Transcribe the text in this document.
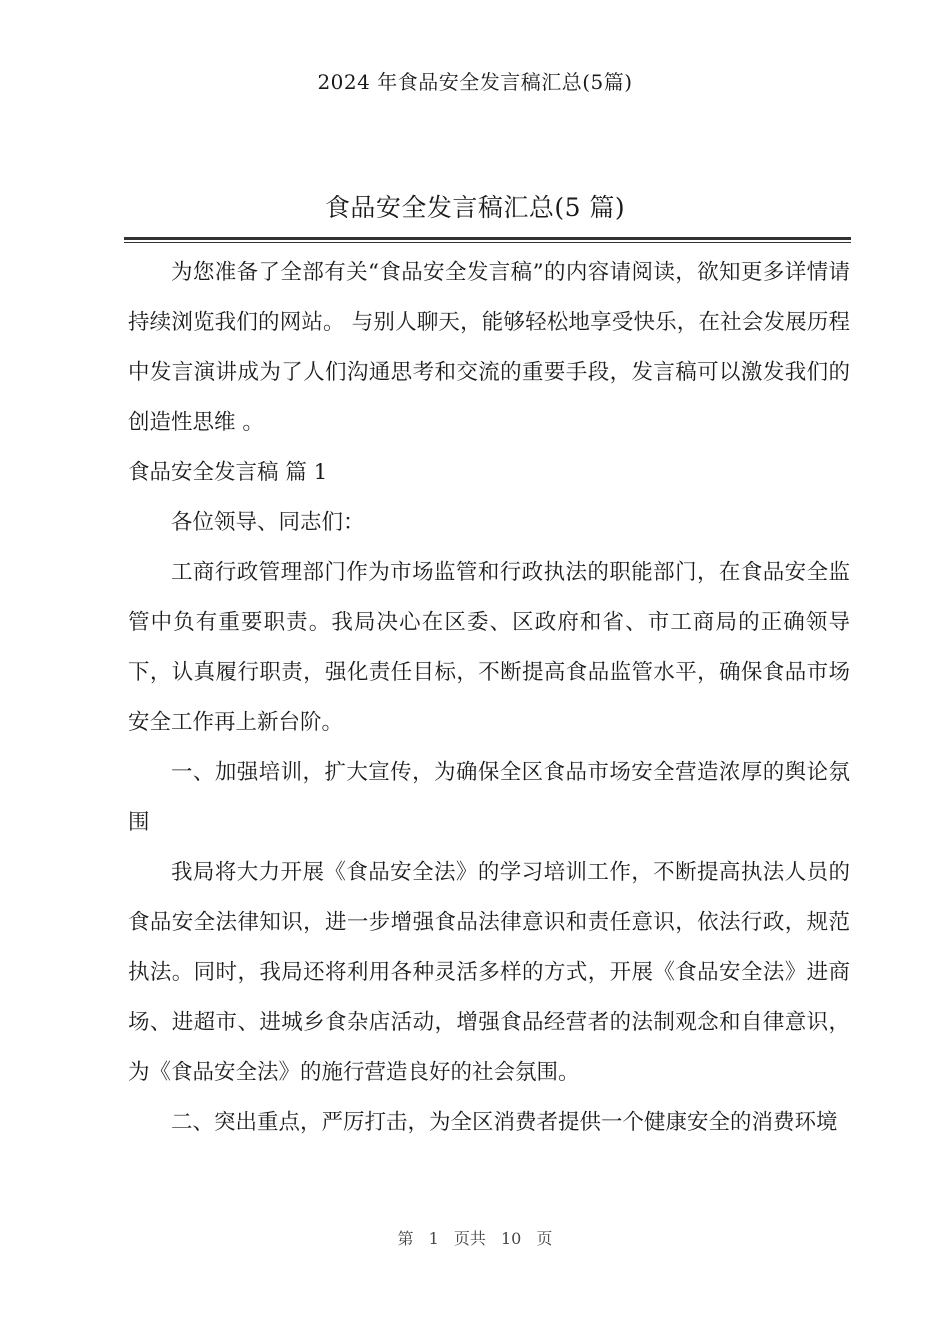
2024 年食品安全发言稿汇总(5篇)
食品安全发言稿汇总(5 篇)

为您准备了全部有关“食品安全发言稿”的内容请阅读，欲知更多详情请持续浏览我们的网站。 与别人聊天，能够轻松地享受快乐，在社会发展历程中发言演讲成为了人们沟通思考和交流的重要手段，发言稿可以激发我们的创造性思维 。

食品安全发言稿 篇 1

各位领导、同志们：

工商行政管理部门作为市场监管和行政执法的职能部门，在食品安全监管中负有重要职责。我局决心在区委、区政府和省、市工商局的正确领导下，认真履行职责，强化责任目标，不断提高食品监管水平，确保食品市场安全工作再上新台阶。

一、加强培训，扩大宣传，为确保全区食品市场安全营造浓厚的舆论氛围

我局将大力开展《食品安全法》的学习培训工作，不断提高执法人员的食品安全法律知识，进一步增强食品法律意识和责任意识，依法行政，规范执法。同时，我局还将利用各种灵活多样的方式，开展《食品安全法》进商场、进超市、进城乡食杂店活动，增强食品经营者的法制观念和自律意识，为《食品安全法》的施行营造良好的社会氛围。

二、突出重点，严厉打击，为全区消费者提供一个健康安全的消费环境

第 1 页共 10 页
